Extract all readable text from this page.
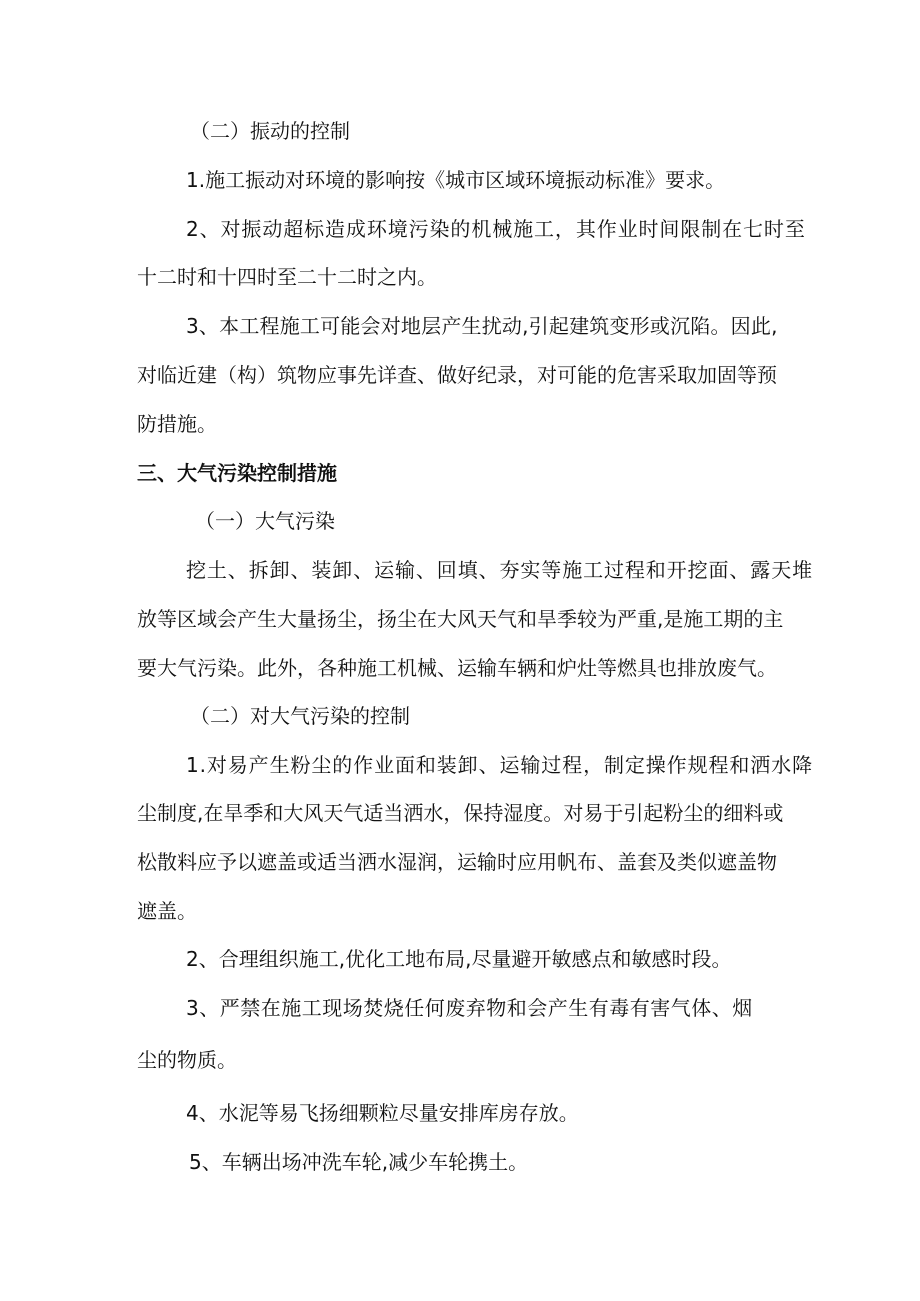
（二）振动的控制
1.施工振动对环境的影响按《城市区域环境振动标准》要求。
2、对振动超标造成环境污染的机械施工，其作业时间限制在七时至
十二时和十四时至二十二时之内。
3、本工程施工可能会对地层产生扰动,引起建筑变形或沉陷。因此,
对临近建（构）筑物应事先详查、做好纪录，对可能的危害采取加固等预
防措施。
三、大气污染控制措施
（一）大气污染
挖土、拆卸、装卸、运输、回填、夯实等施工过程和开挖面、露天堆
放等区域会产生大量扬尘，扬尘在大风天气和旱季较为严重,是施工期的主
要大气污染。此外，各种施工机械、运输车辆和炉灶等燃具也排放废气。
（二）对大气污染的控制
1.对易产生粉尘的作业面和装卸、运输过程，制定操作规程和洒水降
尘制度,在旱季和大风天气适当洒水，保持湿度。对易于引起粉尘的细料或
松散料应予以遮盖或适当洒水湿润，运输时应用帆布、盖套及类似遮盖物
遮盖。
2、合理组织施工,优化工地布局,尽量避开敏感点和敏感时段。
3、严禁在施工现场焚烧任何废弃物和会产生有毒有害气体、烟
尘的物质。
4、水泥等易飞扬细颗粒尽量安排库房存放。
5、车辆出场冲洗车轮,减少车轮携土。
